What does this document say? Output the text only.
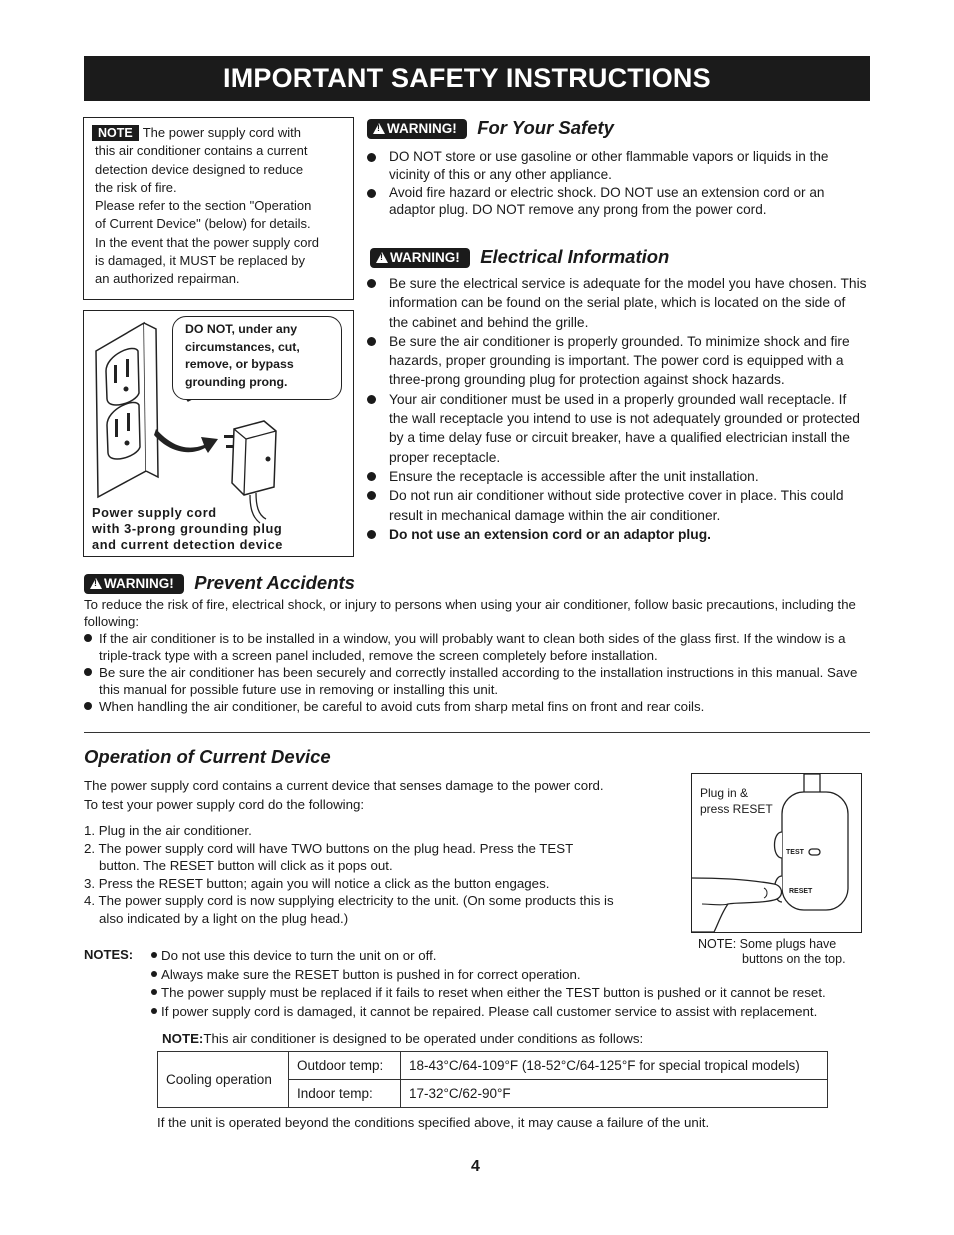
IMPORTANT SAFETY INSTRUCTIONS
NOTE The power supply cord with
this air conditioner contains a current
detection device designed to reduce
the risk of fire.
Please refer to the section "Operation
of Current Device" (below) for details.
In the event that the power supply cord
is damaged, it MUST be replaced by
an authorized repairman.
DO NOT, under any
circumstances, cut,
remove, or bypass
grounding prong.
Power supply cord
with 3-prong grounding plug
and current detection device
!WARNING! For Your Safety
DO NOT store or use gasoline or other flammable vapors or liquids in the vicinity of this or any other appliance.
Avoid fire hazard or electric shock. DO NOT use an extension cord or an adaptor plug. DO NOT remove any prong from the power cord.
!WARNING! Electrical Information
Be sure the electrical service is adequate for the model you have chosen. This information can be found on the serial plate, which is located on the side of the cabinet and behind the grille.
Be sure the air conditioner is properly grounded. To minimize shock and fire hazards, proper grounding is important. The power cord is equipped with a three-prong grounding plug for protection against shock hazards.
Your air conditioner must be used in a properly grounded wall receptacle. If the wall receptacle you intend to use is not adequately grounded or protected by a time delay fuse or circuit breaker, have a qualified electrician install the proper receptacle.
Ensure the receptacle is accessible after the unit installation.
Do not run air conditioner without side protective cover in place. This could result in mechanical damage within the air conditioner.
Do not use an extension cord or an adaptor plug.
!WARNING! Prevent Accidents
To reduce the risk of fire, electrical shock, or injury to persons when using your air conditioner, follow basic precautions, including the following:
If the air conditioner is to be installed in a window, you will probably want to clean both sides of the glass first. If the window is a triple-track type with a screen panel included, remove the screen completely before installation.
Be sure the air conditioner has been securely and correctly installed according to the installation instructions in this manual. Save this manual for possible future use in removing or installing this unit.
When handling the air conditioner, be careful to avoid cuts from sharp metal fins on front and rear coils.
Operation of Current Device
The power supply cord contains a current device that senses damage to the power cord. To test your power supply cord do the following:
1. Plug in the air conditioner.
2. The power supply cord will have TWO buttons on the plug head. Press the TEST button. The RESET button will click as it pops out.
3. Press the RESET button; again you will notice a click as the button engages.
4. The power supply cord is now supplying electricity to the unit. (On some products this is also indicated by a light on the plug head.)
Plug in &
press RESET
TEST
RESET
NOTE: Some plugs have
buttons on the top.
NOTES:	Do not use this device to turn the unit on or off.
Always make sure the RESET button is pushed in for correct operation.
The power supply must be replaced if it fails to reset when either the TEST button is pushed or it cannot be reset.
If power supply cord is damaged, it cannot be repaired. Please call customer service to assist with replacement.
NOTE:This air conditioner is designed to be operated under conditions as follows:
Cooling operation	Outdoor temp:	18-43°C/64-109°F (18-52°C/64-125°F for special tropical models)
	Indoor temp:	17-32°C/62-90°F
If the unit is operated beyond the conditions specified above, it may cause a failure of the unit.
4
